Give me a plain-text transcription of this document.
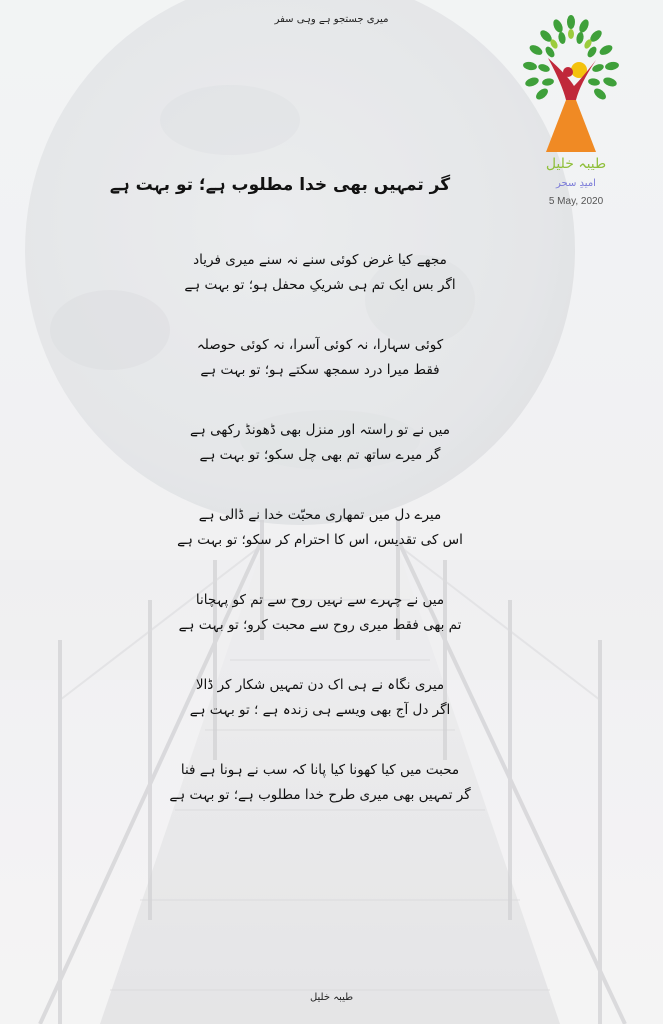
میری جستجو ہے وہی سفر
طیبہ خلیل
امیدِ سحر
5 May, 2020
گر تمہیں بھی خدا مطلوب ہے؛ تو بہت ہے
مجھے کیا غرض کوئی سنے نہ سنے میری فریاد
اگر بس ایک تم ہی شریکِ محفل ہو؛ تو بہت ہے
کوئی سہارا، نہ کوئی آسرا، نہ کوئی حوصلہ
فقط میرا درد سمجھ سکتے ہو؛ تو بہت ہے
میں نے تو راستہ اور منزل بھی ڈھونڈ رکھی ہے
گر میرے ساتھ تم بھی چل سکو؛ تو بہت ہے
میرے دل میں تمھاری محبّت خدا نے ڈالی ہے
اس کی تقدیس، اس کا احترام کر سکو؛ تو بہت ہے
میں نے چہرے سے نہیں روح سے تم کو پہچانا
تم بھی فقط میری روح سے محبت کرو؛ تو بہت ہے
میری نگاہ نے ہی اک دن تمہیں شکار کر ڈالا
اگر دل آج بھی ویسے ہی زندہ ہے ؛ تو بہت ہے
محبت میں کیا کھونا کیا پانا کہ سب نے ہونا ہے فنا
گر تمہیں بھی میری طرح خدا مطلوب ہے؛ تو بہت ہے
طیبہ خلیل
